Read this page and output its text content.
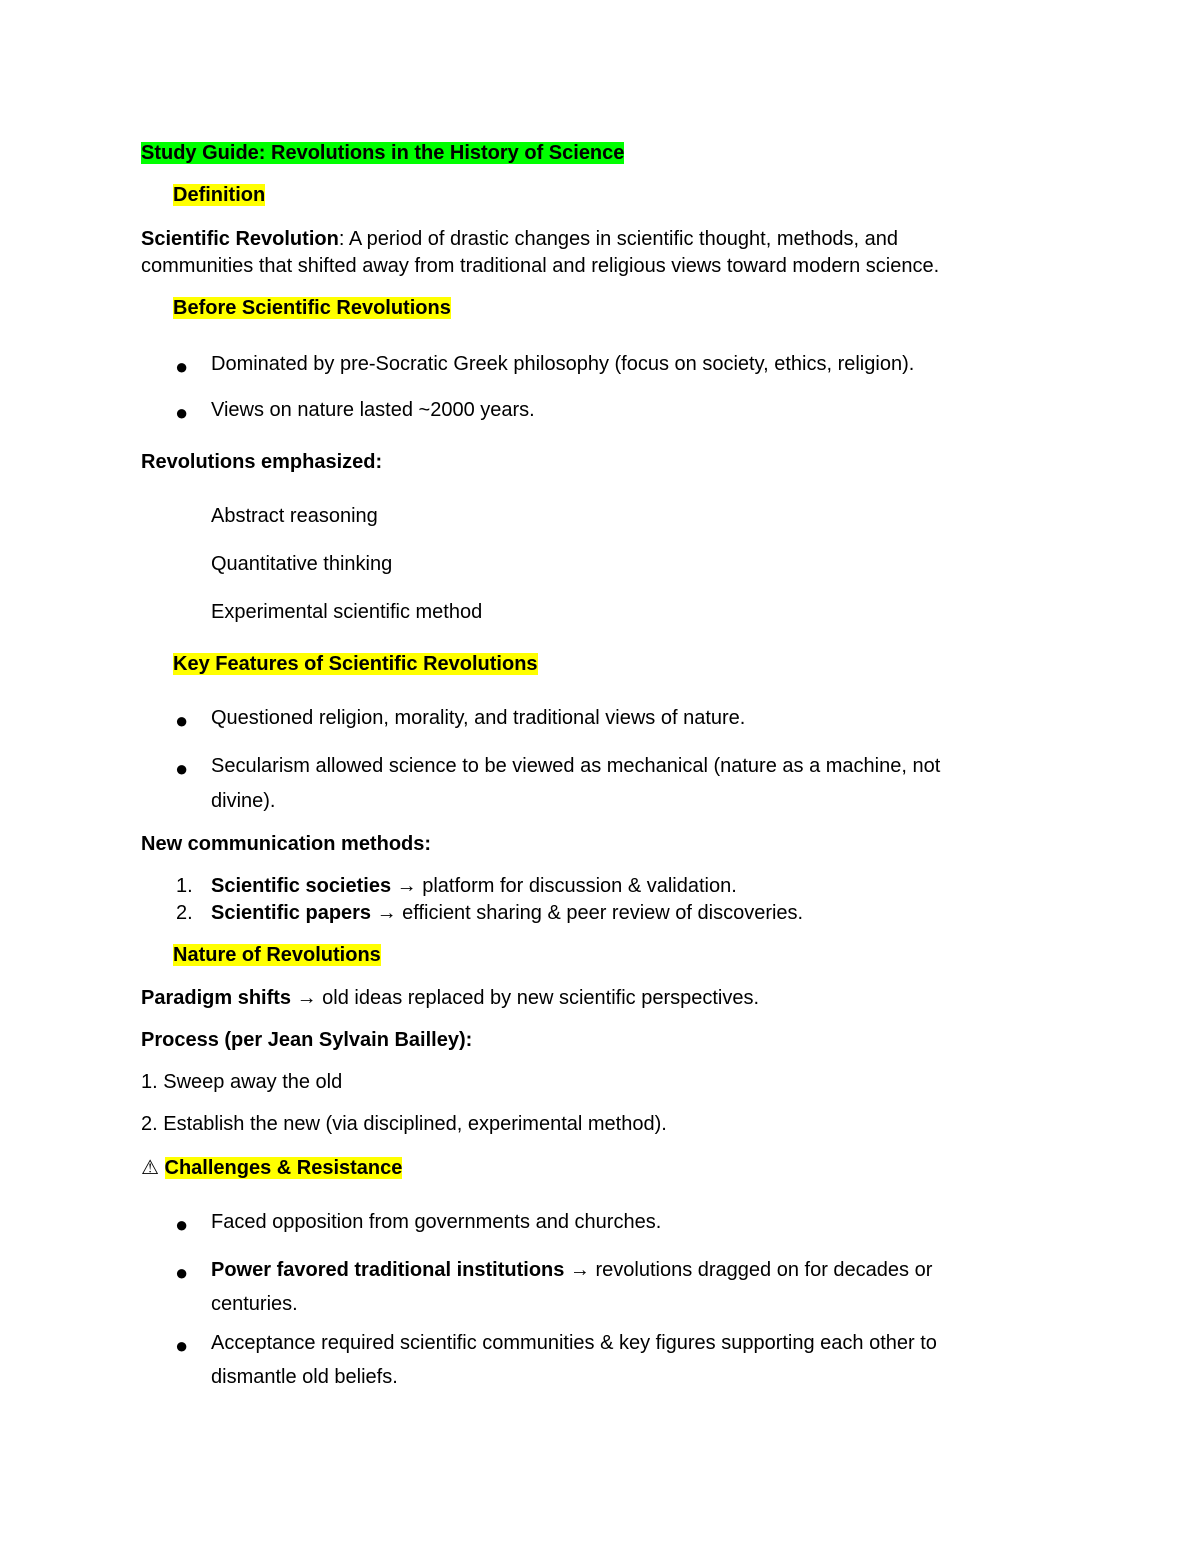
Study Guide: Revolutions in the History of Science
Definition
Scientific Revolution: A period of drastic changes in scientific thought, methods, and
communities that shifted away from traditional and religious views toward modern science.
Before Scientific Revolutions
● Dominated by pre-Socratic Greek philosophy (focus on society, ethics, religion).
● Views on nature lasted ~2000 years.
Revolutions emphasized:
Abstract reasoning
Quantitative thinking
Experimental scientific method
Key Features of Scientific Revolutions
● Questioned religion, morality, and traditional views of nature.
● Secularism allowed science to be viewed as mechanical (nature as a machine, not
divine).
New communication methods:
1. Scientific societies → platform for discussion & validation.
2. Scientific papers → efficient sharing & peer review of discoveries.
Nature of Revolutions
Paradigm shifts → old ideas replaced by new scientific perspectives.
Process (per Jean Sylvain Bailley):
1. Sweep away the old
2. Establish the new (via disciplined, experimental method).
⚠ Challenges & Resistance
● Faced opposition from governments and churches.
● Power favored traditional institutions → revolutions dragged on for decades or
centuries.
● Acceptance required scientific communities & key figures supporting each other to
dismantle old beliefs.
